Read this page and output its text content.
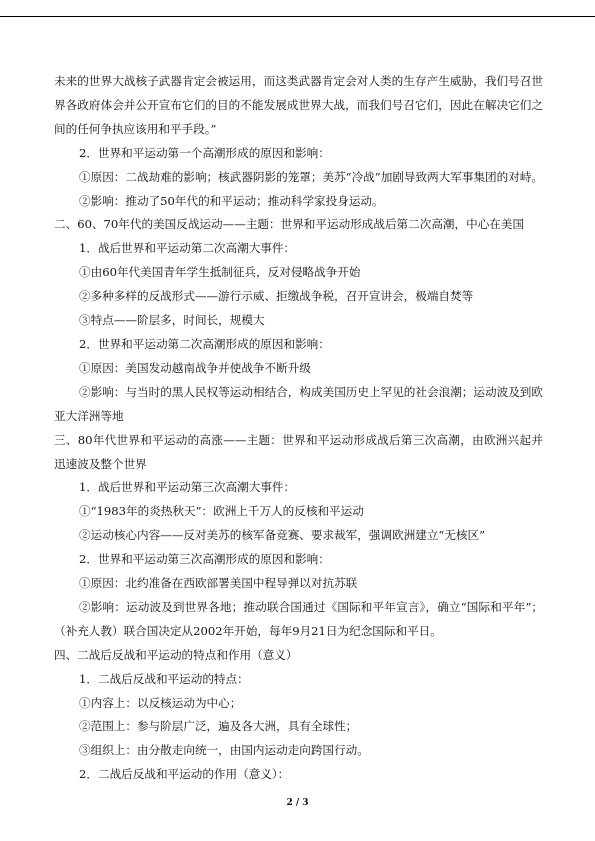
未来的世界大战核子武器肯定会被运用，而这类武器肯定会对人类的生存产生威胁，我们号召世界各政府体会并公开宣布它们的目的不能发展成世界大战，而我们号召它们，因此在解决它们之间的任何争执应该用和平手段。”

2．世界和平运动第一个高潮形成的原因和影响：

①原因：二战劫难的影响；核武器阴影的笼罩；美苏“冷战”加剧导致两大军事集团的对峙。

②影响：推动了50年代的和平运动；推动科学家投身运动。

二、60、70年代的美国反战运动——主题：世界和平运动形成战后第二次高潮，中心在美国

1．战后世界和平运动第二次高潮大事件：

①由60年代美国青年学生抵制征兵，反对侵略战争开始

②多种多样的反战形式——游行示威、拒缴战争税，召开宣讲会，极端自焚等

③特点——阶层多，时间长，规模大

2．世界和平运动第二次高潮形成的原因和影响：

①原因：美国发动越南战争并使战争不断升级

②影响：与当时的黑人民权等运动相结合，构成美国历史上罕见的社会浪潮；运动波及到欧亚大洋洲等地

三、80年代世界和平运动的高涨——主题：世界和平运动形成战后第三次高潮，由欧洲兴起并迅速波及整个世界

1．战后世界和平运动第三次高潮大事件：

①“1983年的炎热秋天”：欧洲上千万人的反核和平运动

②运动核心内容——反对美苏的核军备竞赛、要求裁军，强调欧洲建立“无核区”

2．世界和平运动第三次高潮形成的原因和影响：

①原因：北约准备在西欧部署美国中程导弹以对抗苏联

②影响：运动波及到世界各地；推动联合国通过《国际和平年宣言》，确立“国际和平年”；（补充人教）联合国决定从2002年开始，每年9月21日为纪念国际和平日。

四、二战后反战和平运动的特点和作用（意义）

1．二战后反战和平运动的特点：

①内容上：以反核运动为中心；

②范围上：参与阶层广泛，遍及各大洲，具有全球性；

③组织上：由分散走向统一，由国内运动走向跨国行动。

2．二战后反战和平运动的作用（意义）：

2 / 3
